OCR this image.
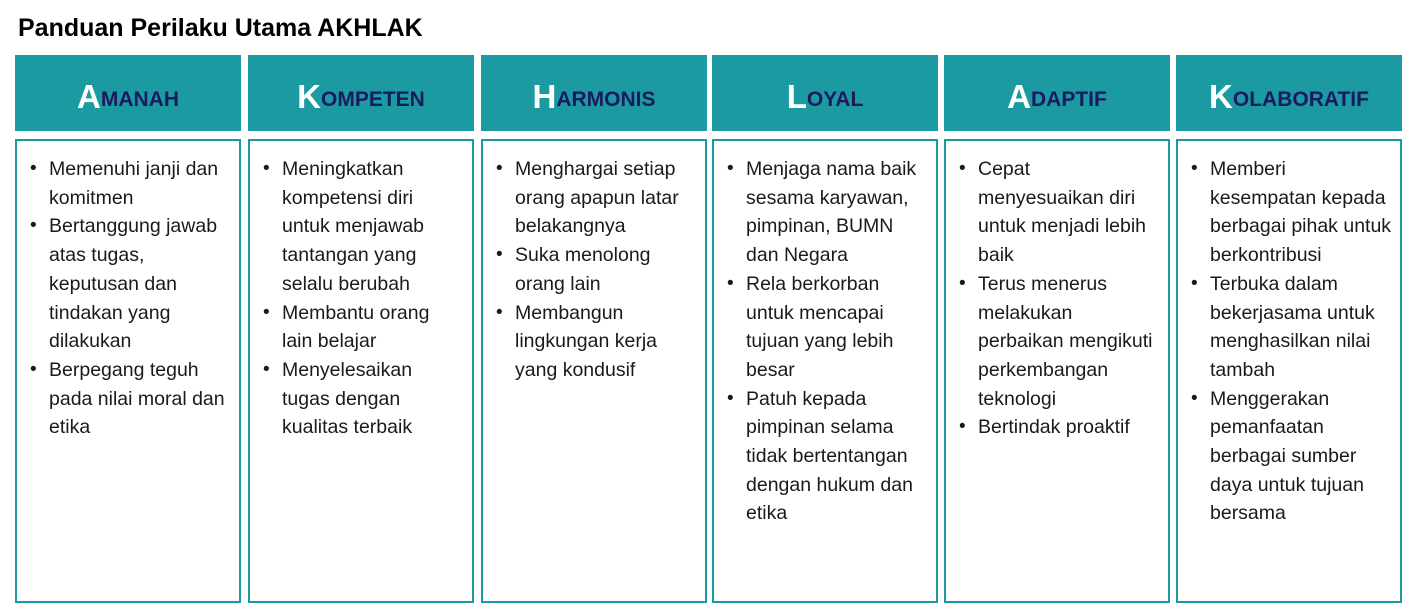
Panduan Perilaku Utama AKHLAK
A MANAH
• Memenuhi janji dan komitmen
• Bertanggung jawab atas tugas, keputusan dan tindakan yang dilakukan
• Berpegang teguh pada nilai moral dan etika
K OMPETEN
• Meningkatkan kompetensi diri untuk menjawab tantangan yang selalu berubah
• Membantu orang lain belajar
• Menyelesaikan tugas dengan kualitas terbaik
H ARMONIS
• Menghargai setiap orang apapun latar belakangnya
• Suka menolong orang lain
• Membangun lingkungan kerja yang kondusif
L OYAL
• Menjaga nama baik sesama karyawan, pimpinan, BUMN dan Negara
• Rela berkorban untuk mencapai tujuan yang lebih besar
• Patuh kepada pimpinan selama tidak bertentangan dengan hukum dan etika
A DAPTIF
• Cepat menyesuaikan diri untuk menjadi lebih baik
• Terus menerus melakukan perbaikan mengikuti perkembangan teknologi
• Bertindak proaktif
K OLABORATIF
• Memberi kesempatan kepada berbagai pihak untuk berkontribusi
• Terbuka dalam bekerjasama untuk menghasilkan nilai tambah
• Menggerakan pemanfaatan berbagai sumber daya untuk tujuan bersama
